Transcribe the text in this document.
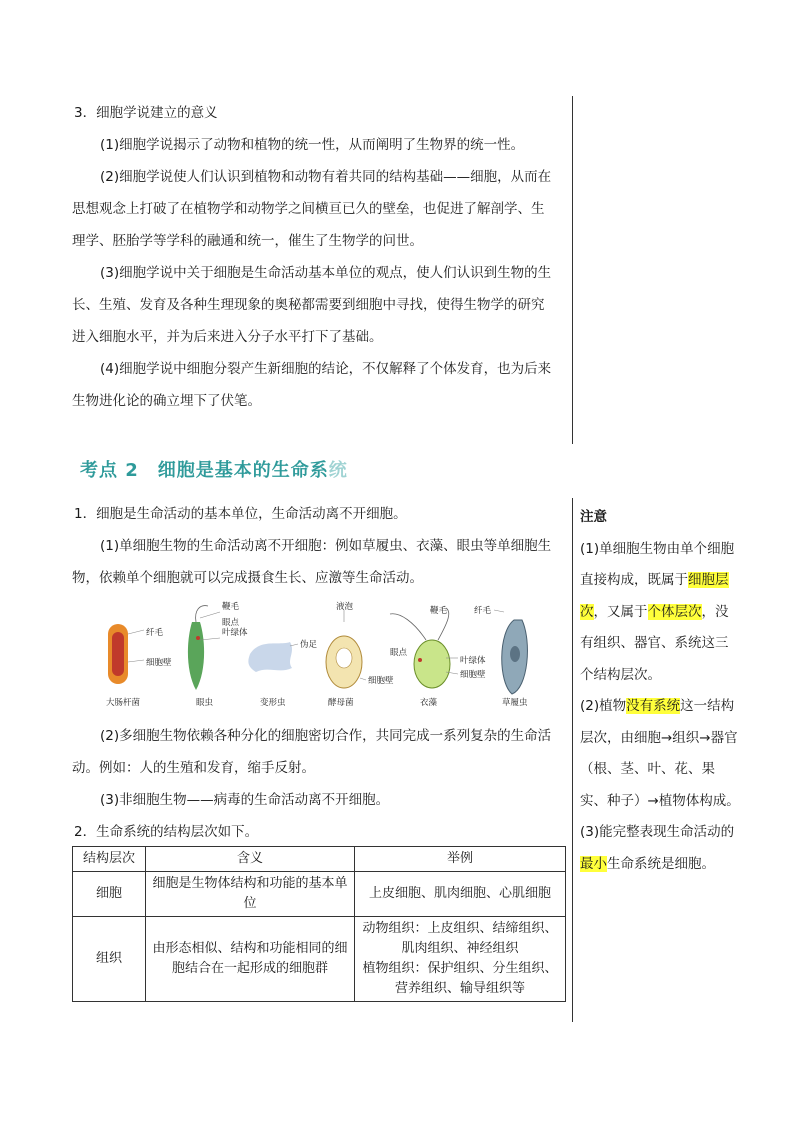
3．细胞学说建立的意义

(1)细胞学说揭示了动物和植物的统一性，从而阐明了生物界的统一性。

(2)细胞学说使人们认识到植物和动物有着共同的结构基础——细胞，从而在

思想观念上打破了在植物学和动物学之间横亘已久的壁垒，也促进了解剖学、生

理学、胚胎学等学科的融通和统一，催生了生物学的问世。

(3)细胞学说中关于细胞是生命活动基本单位的观点，使人们认识到生物的生

长、生殖、发育及各种生理现象的奥秘都需要到细胞中寻找，使得生物学的研究

进入细胞水平，并为后来进入分子水平打下了基础。

(4)细胞学说中细胞分裂产生新细胞的结论，不仅解释了个体发育，也为后来

生物进化论的确立埋下了伏笔。

考点 2　细胞是基本的生命系统

1．细胞是生命活动的基本单位，生命活动离不开细胞。

(1)单细胞生物的生命活动离不开细胞：例如草履虫、衣藻、眼虫等单细胞生

物，依赖单个细胞就可以完成摄食生长、应激等生命活动。

纤毛
细胞壁
大肠杆菌
鞭毛
眼点
叶绿体
眼虫
伪足
变形虫
液泡
细胞壁
酵母菌
鞭毛
眼点
叶绿体
细胞壁
衣藻
纤毛
草履虫

(2)多细胞生物依赖各种分化的细胞密切合作，共同完成一系列复杂的生命活

动。例如：人的生殖和发育，缩手反射。

(3)非细胞生物——病毒的生命活动离不开细胞。

2．生命系统的结构层次如下。

结构层次	含义	举例
细胞	细胞是生物体结构和功能的基本单位	上皮细胞、肌肉细胞、心肌细胞
组织	由形态相似、结构和功能相同的细胞结合在一起形成的细胞群	动物组织：上皮组织、结缔组织、肌肉组织、神经组织
植物组织：保护组织、分生组织、营养组织、输导组织等
注意
(1)单细胞生物由单个细胞直接构成，既属于细胞层次，又属于个体层次，没有组织、器官、系统这三个结构层次。
(2)植物没有系统这一结构层次，由细胞→组织→器官（根、茎、叶、花、果实、种子）→植物体构成。
(3)能完整表现生命活动的最小生命系统是细胞。
